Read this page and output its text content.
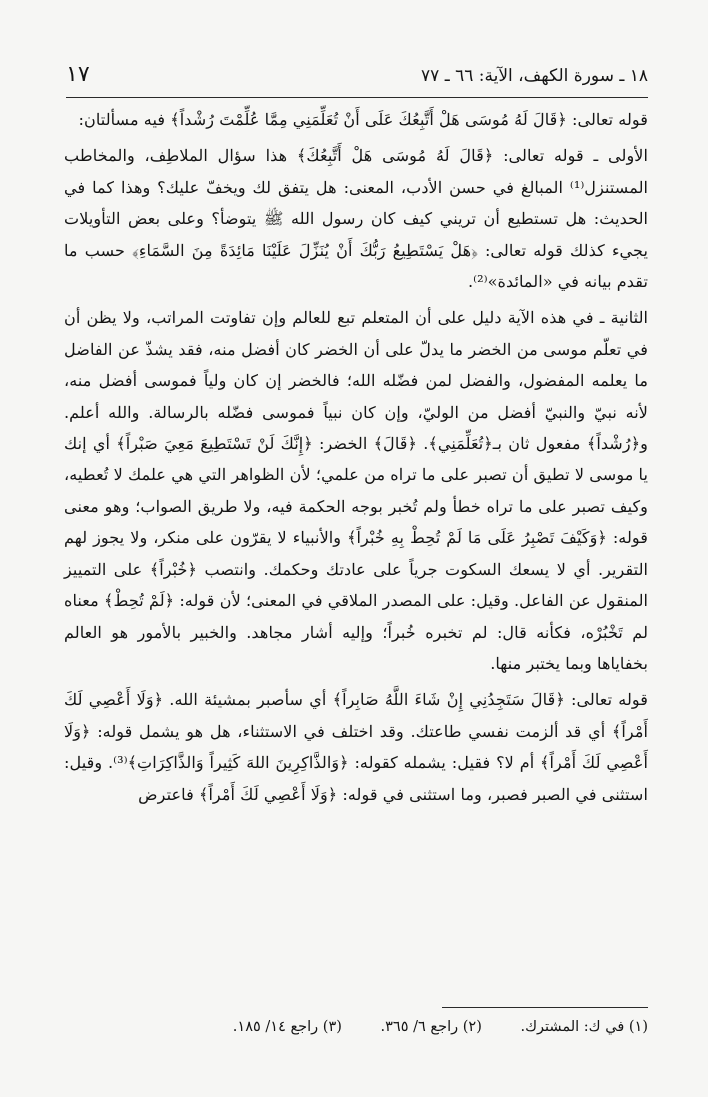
١٨ ـ سورة الكهف، الآية: ٦٦ ـ ٧٧
١٧

قوله تعالى: ﴿قَالَ لَهُ مُوسَى هَلْ أَتَّبِعُكَ عَلَى أَنْ تُعَلِّمَنِي مِمَّا عُلِّمْتَ رُشْداً﴾ فيه مسألتان:

الأولى ـ قوله تعالى: ﴿قَالَ لَهُ مُوسَى هَلْ أَتَّبِعُكَ﴾ هذا سؤال الملاطِف، والمخاطب المستنزل⁽¹⁾ المبالغ في حسن الأدب، المعنى: هل يتفق لك ويخفّ عليك؟ وهذا كما في الحديث: هل تستطيع أن تريني كيف كان رسول الله ﷺ يتوضأ؟ وعلى بعض التأويلات يجيء كذلك قوله تعالى: ﴿هَلْ يَسْتَطِيعُ رَبُّكَ أَنْ يُنَزِّلَ عَلَيْنَا مَائِدَةً مِنَ السَّمَاءِ﴾ حسب ما تقدم بيانه في «المائدة»⁽²⁾.

الثانية ـ في هذه الآية دليل على أن المتعلم تبع للعالم وإن تفاوتت المراتب، ولا يظن أن في تعلّم موسى من الخضر ما يدلّ على أن الخضر كان أفضل منه، فقد يشذّ عن الفاضل ما يعلمه المفضول، والفضل لمن فضّله الله؛ فالخضر إن كان ولياً فموسى أفضل منه، لأنه نبيّ والنبيّ أفضل من الوليّ، وإن كان نبياً فموسى فضّله بالرسالة. والله أعلم. و﴿رُشْداً﴾ مفعول ثان بـ﴿تُعَلِّمَنِي﴾. ﴿قَالَ﴾ الخضر: ﴿إِنَّكَ لَنْ تَسْتَطِيعَ مَعِيَ صَبْراً﴾ أي إنك يا موسى لا تطيق أن تصبر على ما تراه من علمي؛ لأن الظواهر التي هي علمك لا تُعطيه، وكيف تصبر على ما تراه خطأ ولم تُخبر بوجه الحكمة فيه، ولا طريق الصواب؛ وهو معنى قوله: ﴿وَكَيْفَ تَصْبِرُ عَلَى مَا لَمْ تُحِطْ بِهِ خُبْراً﴾ والأنبياء لا يقرّون على منكر، ولا يجوز لهم التقرير. أي لا يسعك السكوت جرياً على عادتك وحكمك. وانتصب ﴿خُبْراً﴾ على التمييز المنقول عن الفاعل. وقيل: على المصدر الملاقي في المعنى؛ لأن قوله: ﴿لَمْ تُحِطْ﴾ معناه لم تَخْبُرْه، فكأنه قال: لم تخبره خُبراً؛ وإليه أشار مجاهد. والخبير بالأمور هو العالم بخفاياها وبما يختبر منها.

قوله تعالى: ﴿قَالَ سَتَجِدُنِي إِنْ شَاءَ اللَّهُ صَابِراً﴾ أي سأصبر بمشيئة الله. ﴿وَلَا أَعْصِي لَكَ أَمْراً﴾ أي قد ألزمت نفسي طاعتك. وقد اختلف في الاستثناء، هل هو يشمل قوله: ﴿وَلَا أَعْصِي لَكَ أَمْراً﴾ أم لا؟ فقيل: يشمله كقوله: ﴿وَالذَّاكِرِينَ اللهَ كَثِيراً وَالذَّاكِرَاتِ﴾⁽³⁾. وقيل: استثنى في الصبر فصبر، وما استثنى في قوله: ﴿وَلَا أَعْصِي لَكَ أَمْراً﴾ فاعترض

(١) في ك: المشترك. (٢) راجع ٦/ ٣٦٥. (٣) راجع ١٤/ ١٨٥.
